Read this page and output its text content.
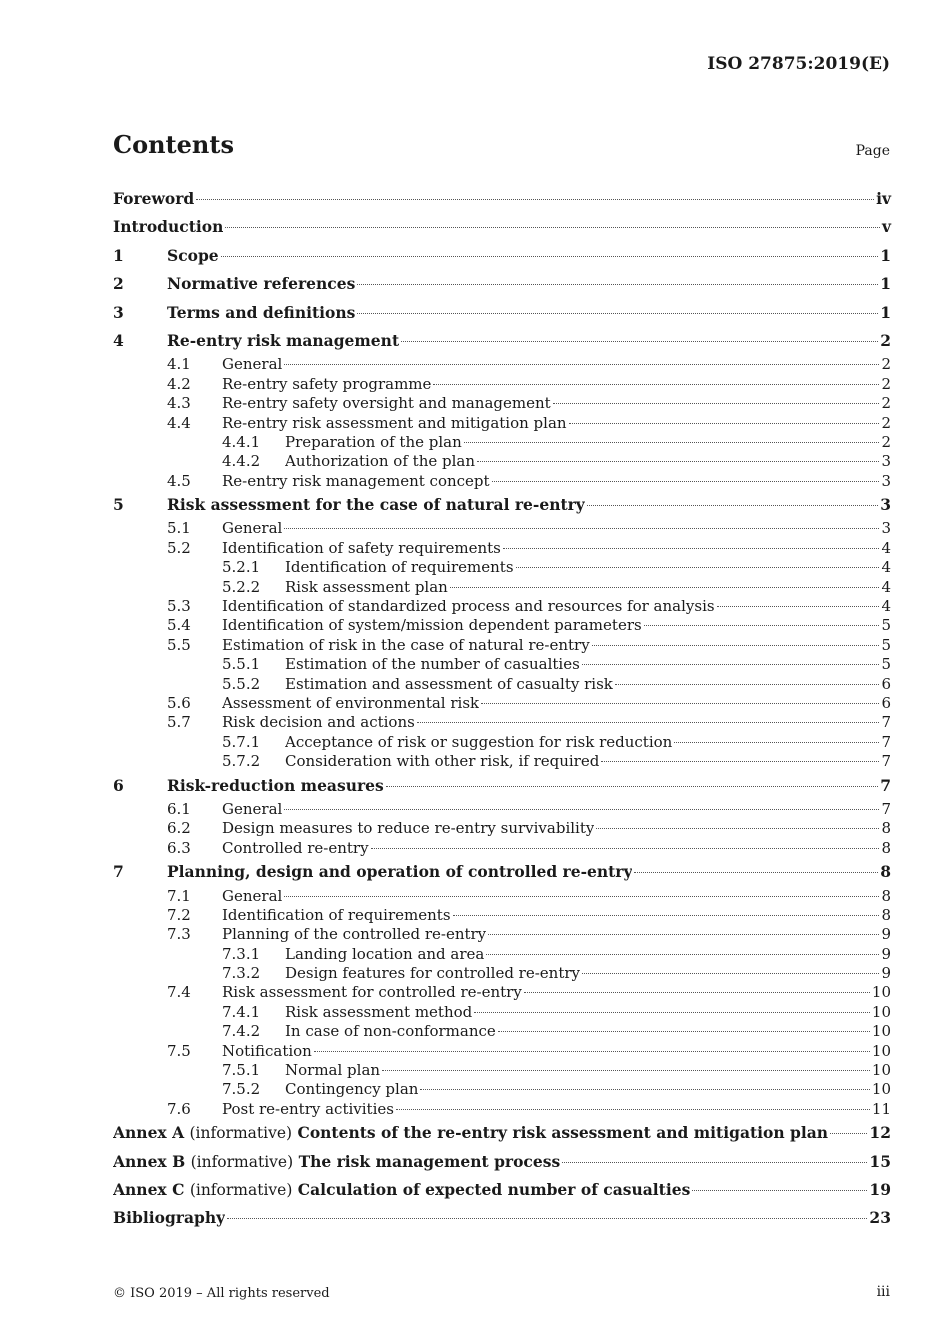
ISO 27875:2019(E)
Contents	Page
Foreword	iv
Introduction	v
1	Scope	1
2	Normative references	1
3	Terms and definitions	1
4	Re-entry risk management	2
4.1	General	2
4.2	Re-entry safety programme	2
4.3	Re-entry safety oversight and management	2
4.4	Re-entry risk assessment and mitigation plan	2
4.4.1	Preparation of the plan	2
4.4.2	Authorization of the plan	3
4.5	Re-entry risk management concept	3
5	Risk assessment for the case of natural re-entry	3
5.1	General	3
5.2	Identification of safety requirements	4
5.2.1	Identification of requirements	4
5.2.2	Risk assessment plan	4
5.3	Identification of standardized process and resources for analysis	4
5.4	Identification of system/mission dependent parameters	5
5.5	Estimation of risk in the case of natural re-entry	5
5.5.1	Estimation of the number of casualties	5
5.5.2	Estimation and assessment of casualty risk	6
5.6	Assessment of environmental risk	6
5.7	Risk decision and actions	7
5.7.1	Acceptance of risk or suggestion for risk reduction	7
5.7.2	Consideration with other risk, if required	7
6	Risk-reduction measures	7
6.1	General	7
6.2	Design measures to reduce re-entry survivability	8
6.3	Controlled re-entry	8
7	Planning, design and operation of controlled re-entry	8
7.1	General	8
7.2	Identification of requirements	8
7.3	Planning of the controlled re-entry	9
7.3.1	Landing location and area	9
7.3.2	Design features for controlled re-entry	9
7.4	Risk assessment for controlled re-entry	10
7.4.1	Risk assessment method	10
7.4.2	In case of non-conformance	10
7.5	Notification	10
7.5.1	Normal plan	10
7.5.2	Contingency plan	10
7.6	Post re-entry activities	11
Annex A (informative) Contents of the re-entry risk assessment and mitigation plan	12
Annex B (informative) The risk management process	15
Annex C (informative) Calculation of expected number of casualties	19
Bibliography	23
© ISO 2019 – All rights reserved	iii
